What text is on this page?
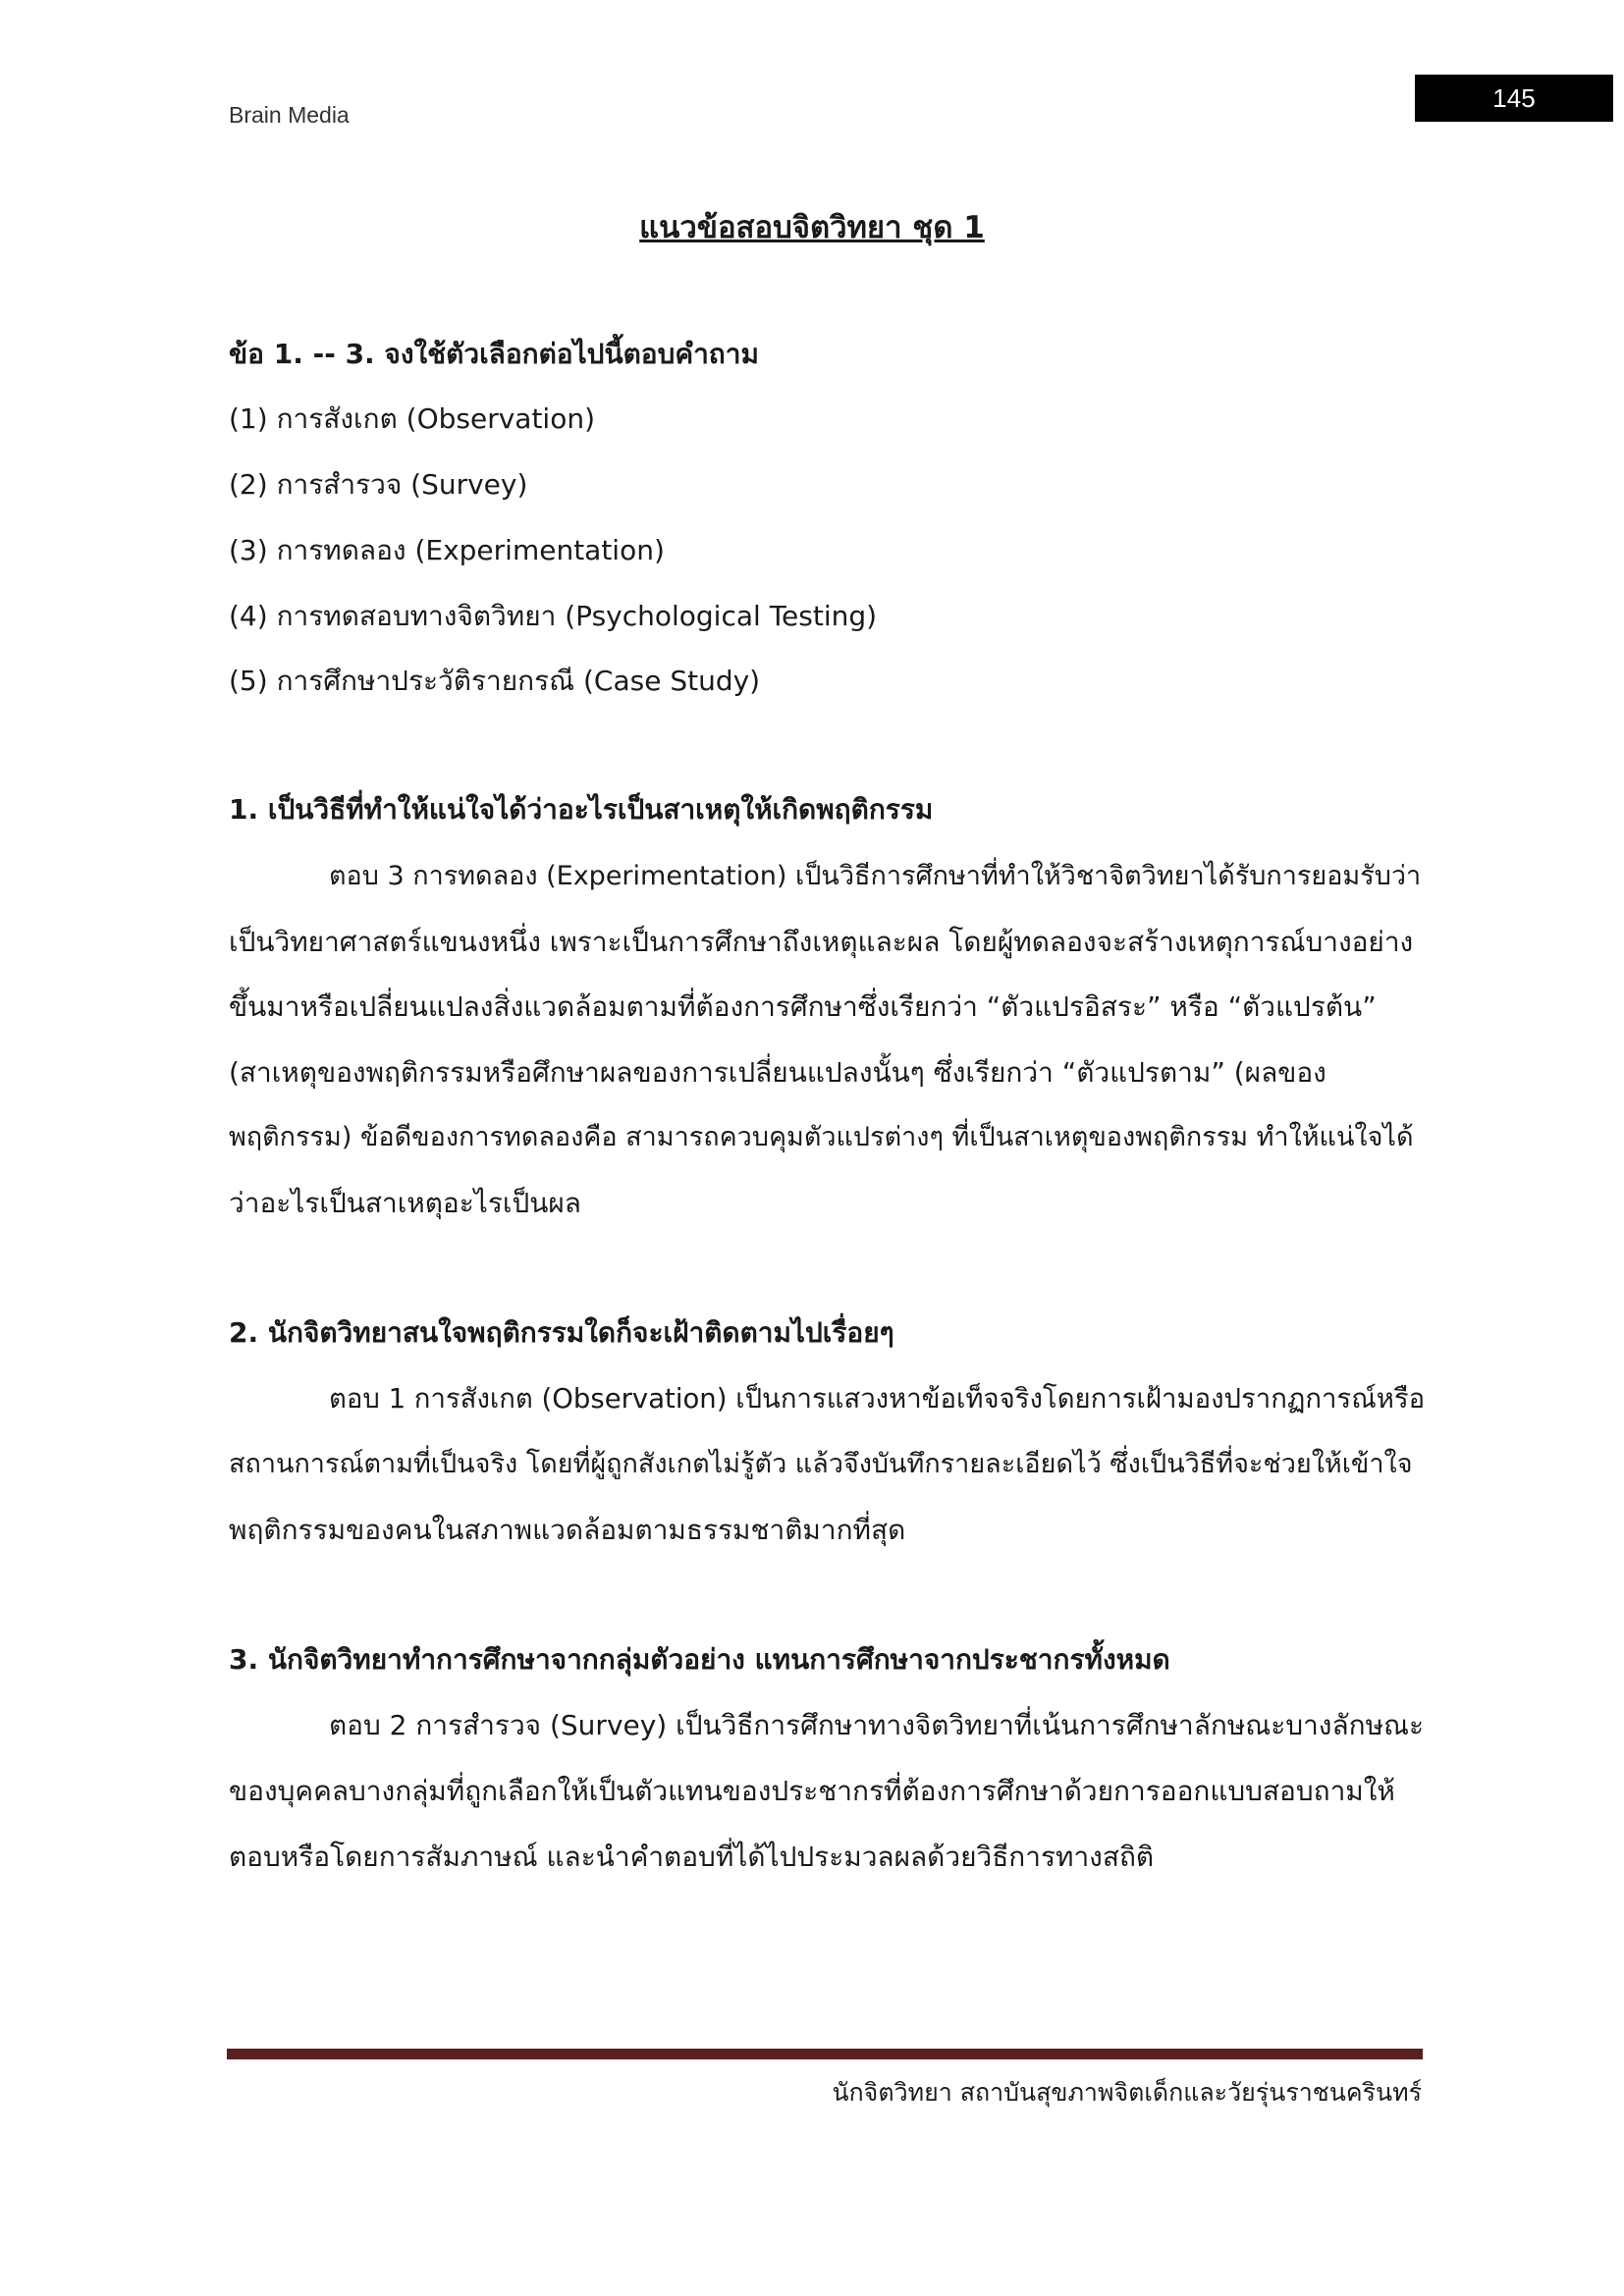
Brain Media
145
แนวข้อสอบจิตวิทยา ชุด 1
ข้อ 1. -- 3. จงใช้ตัวเลือกต่อไปนี้ตอบคำถาม
(1) การสังเกต (Observation)
(2) การสำรวจ (Survey)
(3) การทดลอง (Experimentation)
(4) การทดสอบทางจิตวิทยา (Psychological Testing)
(5) การศึกษาประวัติรายกรณี (Case Study)
1. เป็นวิธีที่ทำให้แน่ใจได้ว่าอะไรเป็นสาเหตุให้เกิดพฤติกรรม
ตอบ 3 การทดลอง (Experimentation) เป็นวิธีการศึกษาที่ทำให้วิชาจิตวิทยาได้รับการยอมรับว่า
เป็นวิทยาศาสตร์แขนงหนึ่ง เพราะเป็นการศึกษาถึงเหตุและผล โดยผู้ทดลองจะสร้างเหตุการณ์บางอย่าง
ขึ้นมาหรือเปลี่ยนแปลงสิ่งแวดล้อมตามที่ต้องการศึกษาซึ่งเรียกว่า “ตัวแปรอิสระ” หรือ “ตัวแปรต้น”
(สาเหตุของพฤติกรรมหรือศึกษาผลของการเปลี่ยนแปลงนั้นๆ ซึ่งเรียกว่า “ตัวแปรตาม” (ผลของ
พฤติกรรม) ข้อดีของการทดลองคือ สามารถควบคุมตัวแปรต่างๆ ที่เป็นสาเหตุของพฤติกรรม ทำให้แน่ใจได้
ว่าอะไรเป็นสาเหตุอะไรเป็นผล
2. นักจิตวิทยาสนใจพฤติกรรมใดก็จะเฝ้าติดตามไปเรื่อยๆ
ตอบ 1 การสังเกต (Observation) เป็นการแสวงหาข้อเท็จจริงโดยการเฝ้ามองปรากฏการณ์หรือ
สถานการณ์ตามที่เป็นจริง โดยที่ผู้ถูกสังเกตไม่รู้ตัว แล้วจึงบันทึกรายละเอียดไว้ ซึ่งเป็นวิธีที่จะช่วยให้เข้าใจ
พฤติกรรมของคนในสภาพแวดล้อมตามธรรมชาติมากที่สุด
3. นักจิตวิทยาทำการศึกษาจากกลุ่มตัวอย่าง แทนการศึกษาจากประชากรทั้งหมด
ตอบ 2 การสำรวจ (Survey) เป็นวิธีการศึกษาทางจิตวิทยาที่เน้นการศึกษาลักษณะบางลักษณะ
ของบุคคลบางกลุ่มที่ถูกเลือกให้เป็นตัวแทนของประชากรที่ต้องการศึกษาด้วยการออกแบบสอบถามให้
ตอบหรือโดยการสัมภาษณ์ และนำคำตอบที่ได้ไปประมวลผลด้วยวิธีการทางสถิติ
นักจิตวิทยา สถาบันสุขภาพจิตเด็กและวัยรุ่นราชนครินทร์
